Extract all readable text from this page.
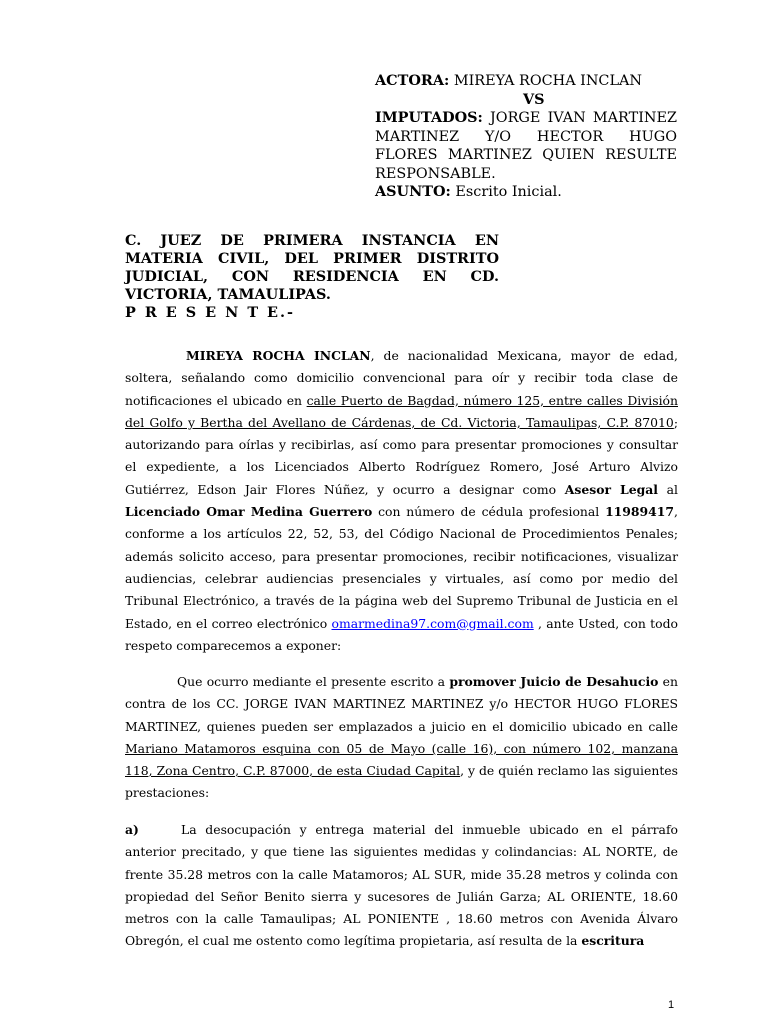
ACTORA: MIREYA ROCHA INCLAN
VS
IMPUTADOS: JORGE IVAN MARTINEZ MARTINEZ Y/O HECTOR HUGO FLORES MARTINEZ QUIEN RESULTE RESPONSABLE.
ASUNTO: Escrito Inicial.
C. JUEZ DE PRIMERA INSTANCIA EN MATERIA CIVIL, DEL PRIMER DISTRITO JUDICIAL, CON RESIDENCIA EN CD. VICTORIA, TAMAULIPAS.
P R E S E N T E.-
MIREYA ROCHA INCLAN, de nacionalidad Mexicana, mayor de edad, soltera, señalando como domicilio convencional para oír y recibir toda clase de notificaciones el ubicado en calle Puerto de Bagdad, número 125, entre calles División del Golfo y Bertha del Avellano de Cárdenas, de Cd. Victoria, Tamaulipas, C.P. 87010; autorizando para oírlas y recibirlas, así como para presentar promociones y consultar el expediente, a los Licenciados Alberto Rodríguez Romero, José Arturo Alvizo Gutiérrez, Edson Jair Flores Núñez, y ocurro a designar como Asesor Legal al Licenciado Omar Medina Guerrero con número de cédula profesional 11989417, conforme a los artículos 22, 52, 53, del Código Nacional de Procedimientos Penales; además solicito acceso, para presentar promociones, recibir notificaciones, visualizar audiencias, celebrar audiencias presenciales y virtuales, así como por medio del Tribunal Electrónico, a través de la página web del Supremo Tribunal de Justicia en el Estado, en el correo electrónico omarmedina97.com@gmail.com , ante Usted, con todo respeto comparecemos a exponer:
Que ocurro mediante el presente escrito a promover Juicio de Desahucio en contra de los CC. JORGE IVAN MARTINEZ MARTINEZ y/o HECTOR HUGO FLORES MARTINEZ, quienes pueden ser emplazados a juicio en el domicilio ubicado en calle Mariano Matamoros esquina con 05 de Mayo (calle 16), con número 102, manzana 118, Zona Centro, C.P. 87000, de esta Ciudad Capital, y de quién reclamo las siguientes prestaciones:
a)	La desocupación y entrega material del inmueble ubicado en el párrafo anterior precitado, y que tiene las siguientes medidas y colindancias: AL NORTE, de frente 35.28 metros con la calle Matamoros; AL SUR, mide 35.28 metros y colinda con propiedad del Señor Benito sierra y sucesores de Julián Garza; AL ORIENTE, 18.60 metros con la calle Tamaulipas; AL PONIENTE , 18.60 metros con Avenida Álvaro Obregón, el cual me ostento como legítima propietaria, así resulta de la escritura
1
